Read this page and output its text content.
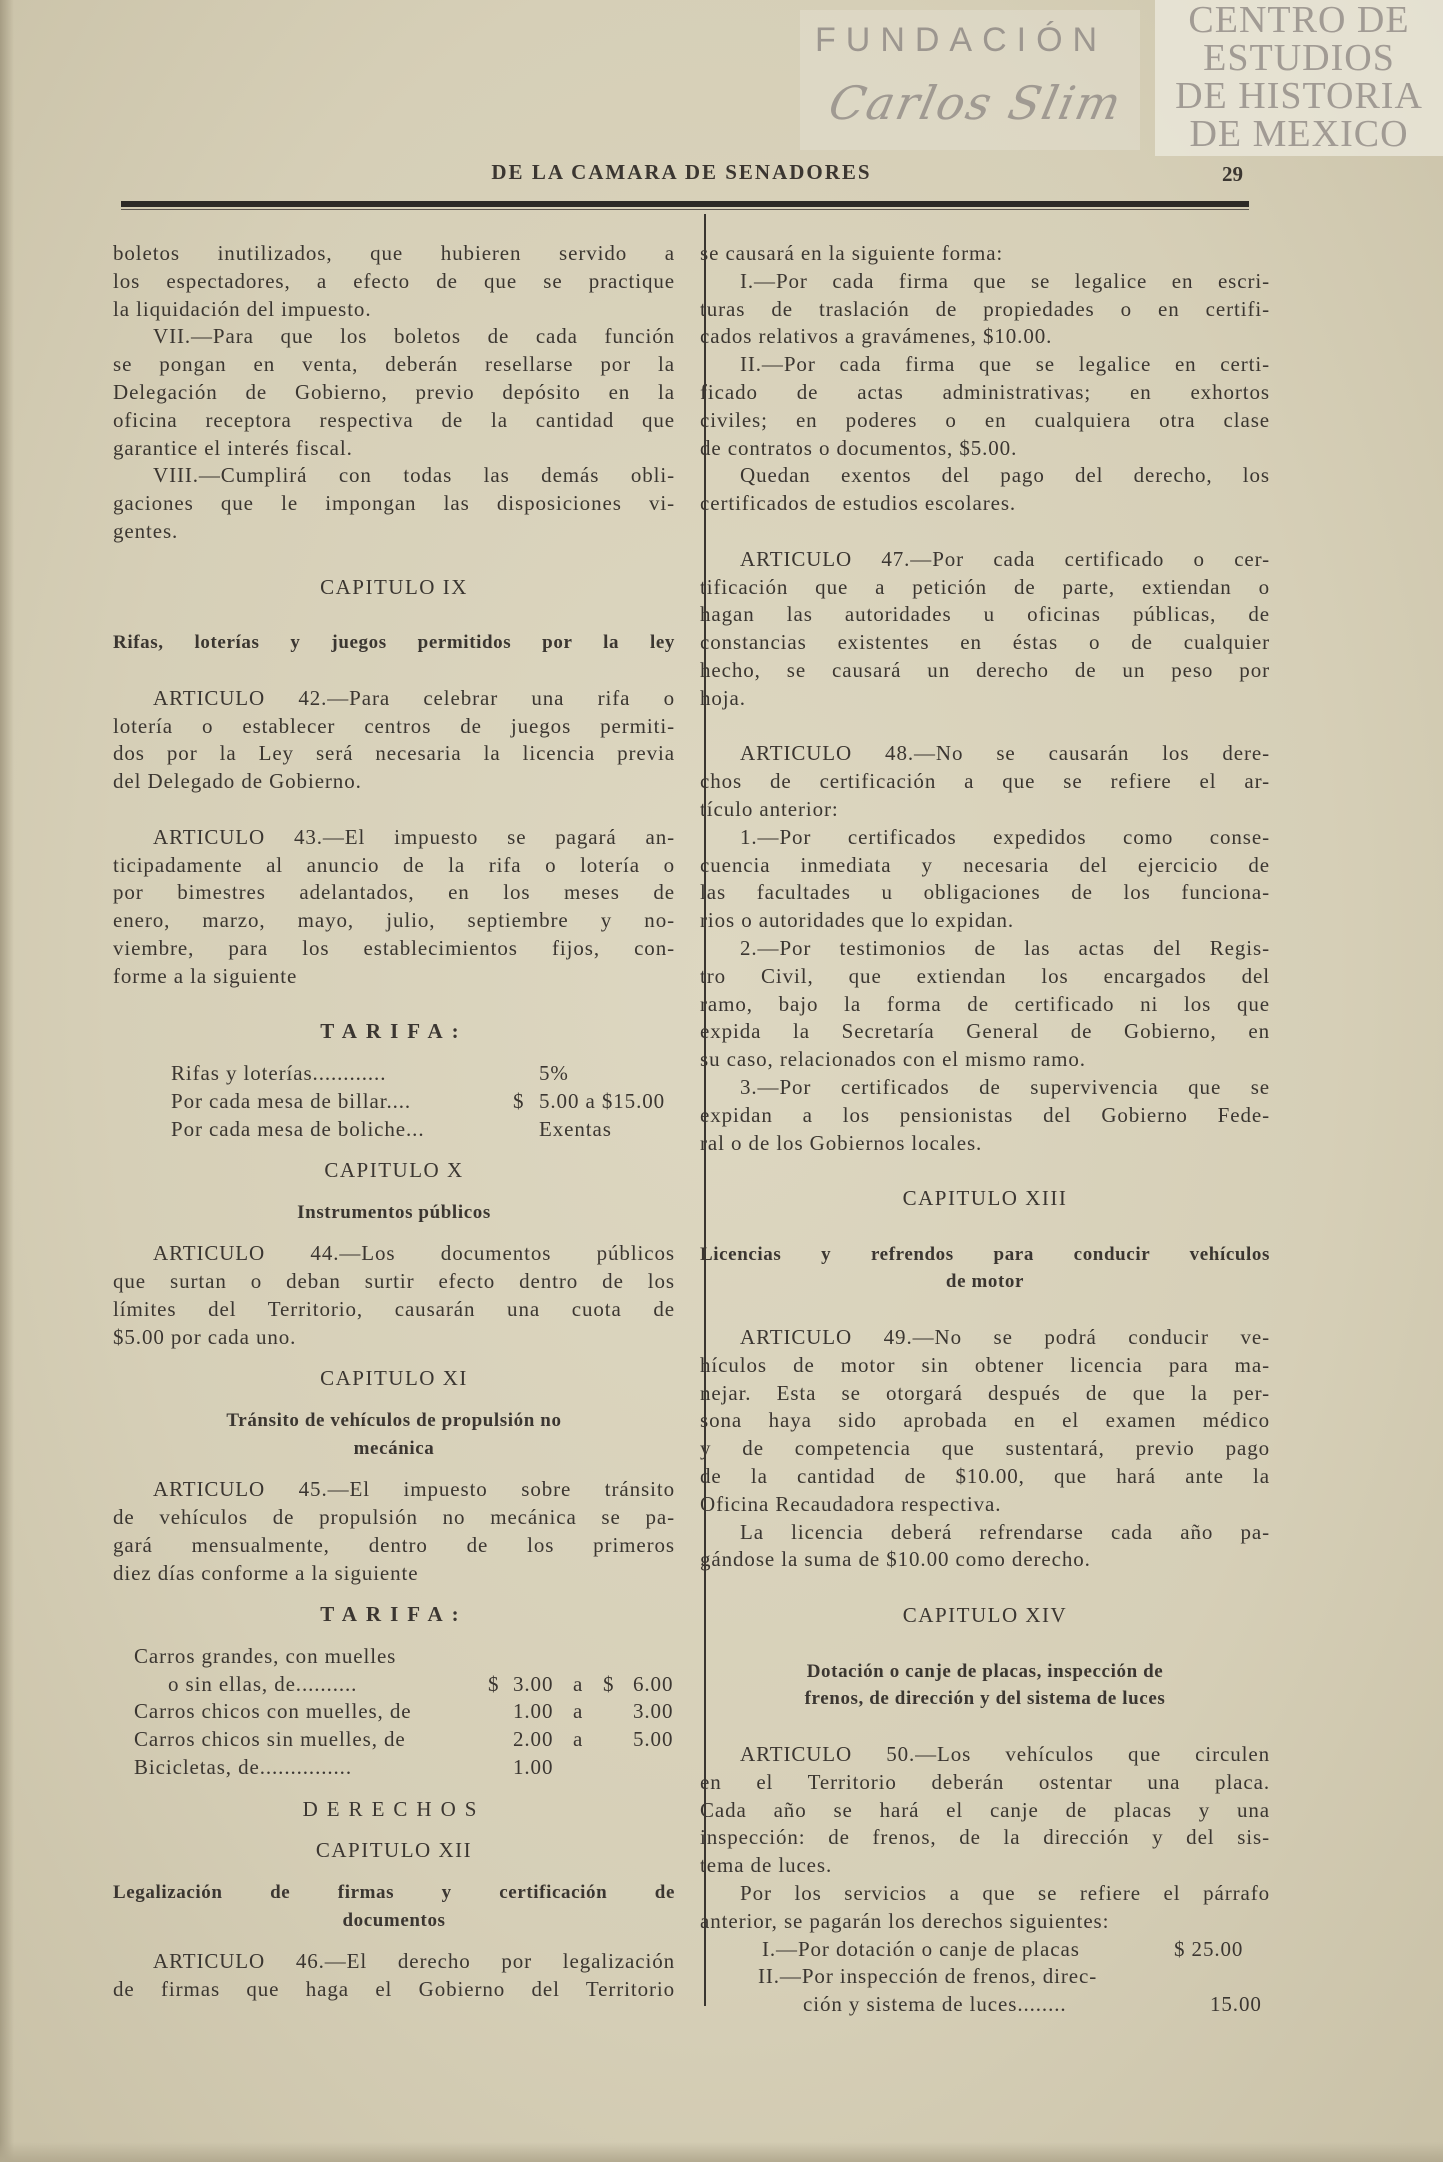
DE LA CAMARA DE SENADORES	29
CENTRO DE
ESTUDIOS
DE HISTORIA
DE MEXICO
FUNDACIÓN
Carlos Slim
boletos inutilizados, que hubieren servido a
los espectadores, a efecto de que se practique
la liquidación del impuesto.
VII.—Para que los boletos de cada función
se pongan en venta, deberán resellarse por la
Delegación de Gobierno, previo depósito en la
oficina receptora respectiva de la cantidad que
garantice el interés fiscal.
VIII.—Cumplirá con todas las demás obli-
gaciones que le impongan las disposiciones vi-
gentes.
CAPITULO IX
Rifas, loterías y juegos permitidos por la ley
ARTICULO 42.—Para celebrar una rifa o
lotería o establecer centros de juegos permiti-
dos por la Ley será necesaria la licencia previa
del Delegado de Gobierno.
ARTICULO 43.—El impuesto se pagará an-
ticipadamente al anuncio de la rifa o lotería o
por bimestres adelantados, en los meses de
enero, marzo, mayo, julio, septiembre y no-
viembre, para los establecimientos fijos, con-
forme a la siguiente
TARIFA:
Rifas y loterías............	5%
Por cada mesa de billar....	$ 5.00 a $15.00
Por cada mesa de boliche...	Exentas
CAPITULO X
Instrumentos públicos
ARTICULO 44.—Los documentos públicos
que surtan o deban surtir efecto dentro de los
límites del Territorio, causarán una cuota de
$5.00 por cada uno.
CAPITULO XI
Tránsito de vehículos de propulsión no
mecánica
ARTICULO 45.—El impuesto sobre tránsito
de vehículos de propulsión no mecánica se pa-
gará mensualmente, dentro de los primeros
diez días conforme a la siguiente
TARIFA:
Carros grandes, con muelles
o sin ellas, de..........	$ 3.00 a $ 6.00
Carros chicos con muelles, de	1.00 a 3.00
Carros chicos sin muelles, de	2.00 a 5.00
Bicicletas, de...............	1.00
DERECHOS
CAPITULO XII
Legalización de firmas y certificación de
documentos
ARTICULO 46.—El derecho por legalización
de firmas que haga el Gobierno del Territorio
se causará en la siguiente forma:
I.—Por cada firma que se legalice en escri-
turas de traslación de propiedades o en certifi-
cados relativos a gravámenes, $10.00.
II.—Por cada firma que se legalice en certi-
ficado de actas administrativas; en exhortos
civiles; en poderes o en cualquiera otra clase
de contratos o documentos, $5.00.
Quedan exentos del pago del derecho, los
certificados de estudios escolares.
ARTICULO 47.—Por cada certificado o cer-
tificación que a petición de parte, extiendan o
hagan las autoridades u oficinas públicas, de
constancias existentes en éstas o de cualquier
hecho, se causará un derecho de un peso por
hoja.
ARTICULO 48.—No se causarán los dere-
chos de certificación a que se refiere el ar-
tículo anterior:
1.—Por certificados expedidos como conse-
cuencia inmediata y necesaria del ejercicio de
las facultades u obligaciones de los funciona-
rios o autoridades que lo expidan.
2.—Por testimonios de las actas del Regis-
tro Civil, que extiendan los encargados del
ramo, bajo la forma de certificado ni los que
expida la Secretaría General de Gobierno, en
su caso, relacionados con el mismo ramo.
3.—Por certificados de supervivencia que se
expidan a los pensionistas del Gobierno Fede-
ral o de los Gobiernos locales.
CAPITULO XIII
Licencias y refrendos para conducir vehículos
de motor
ARTICULO 49.—No se podrá conducir ve-
hículos de motor sin obtener licencia para ma-
nejar. Esta se otorgará después de que la per-
sona haya sido aprobada en el examen médico
y de competencia que sustentará, previo pago
de la cantidad de $10.00, que hará ante la
Oficina Recaudadora respectiva.
La licencia deberá refrendarse cada año pa-
gándose la suma de $10.00 como derecho.
CAPITULO XIV
Dotación o canje de placas, inspección de
frenos, de dirección y del sistema de luces
ARTICULO 50.—Los vehículos que circulen
en el Territorio deberán ostentar una placa.
Cada año se hará el canje de placas y una
inspección: de frenos, de la dirección y del sis-
tema de luces.
Por los servicios a que se refiere el párrafo
anterior, se pagarán los derechos siguientes:
I.—Por dotación o canje de placas	$ 25.00
II.—Por inspección de frenos, direc-
ción y sistema de luces........	15.00
